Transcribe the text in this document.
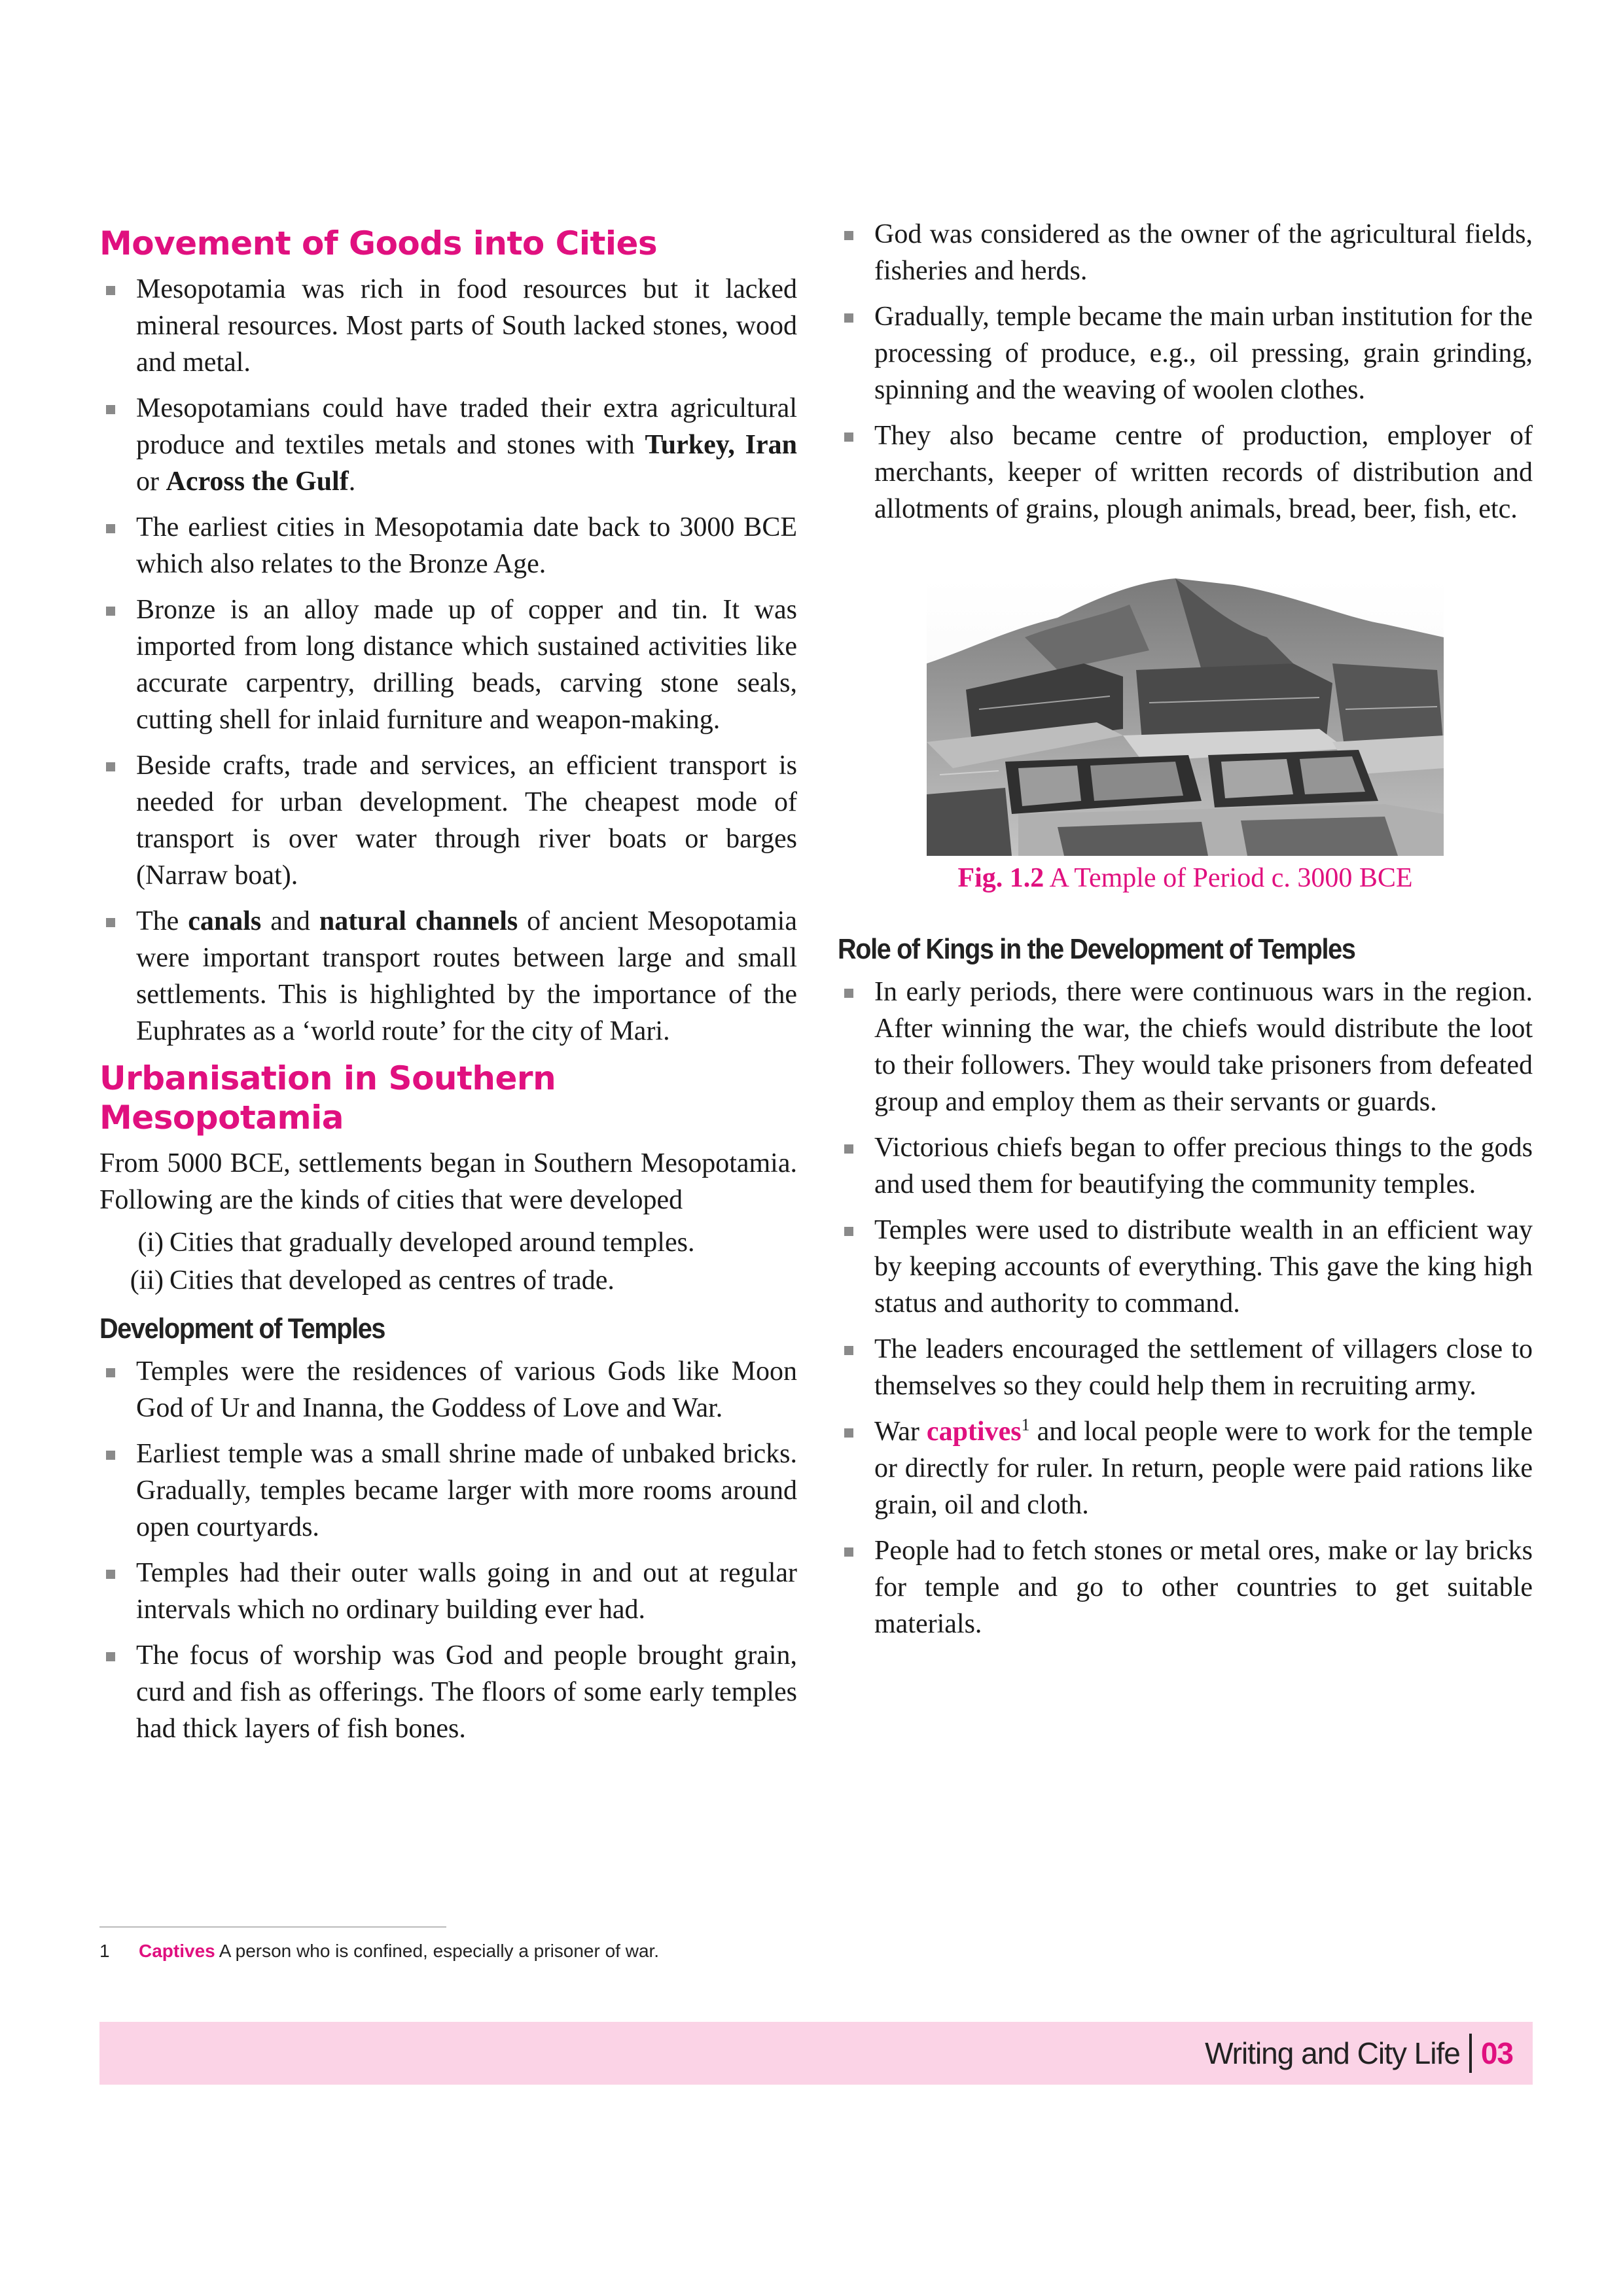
Movement of Goods into Cities
Mesopotamia was rich in food resources but it lacked mineral resources. Most parts of South lacked stones, wood and metal.
Mesopotamians could have traded their extra agricultural produce and textiles metals and stones with Turkey, Iran or Across the Gulf.
The earliest cities in Mesopotamia date back to 3000 BCE which also relates to the Bronze Age.
Bronze is an alloy made up of copper and tin. It was imported from long distance which sustained activities like accurate carpentry, drilling beads, carving stone seals, cutting shell for inlaid furniture and weapon-making.
Beside crafts, trade and services, an efficient transport is needed for urban development. The cheapest mode of transport is over water through river boats or barges (Narraw boat).
The canals and natural channels of ancient Mesopotamia were important transport routes between large and small settlements. This is highlighted by the importance of the Euphrates as a ‘world route’ for the city of Mari.
Urbanisation in Southern Mesopotamia

From 5000 BCE, settlements began in Southern Mesopotamia. Following are the kinds of cities that were developed

(i) Cities that gradually developed around temples.
(ii) Cities that developed as centres of trade.
Development of Temples
Temples were the residences of various Gods like Moon God of Ur and Inanna, the Goddess of Love and War.
Earliest temple was a small shrine made of unbaked bricks. Gradually, temples became larger with more rooms around open courtyards.
Temples had their outer walls going in and out at regular intervals which no ordinary building ever had.
The focus of worship was God and people brought grain, curd and fish as offerings. The floors of some early temples had thick layers of fish bones.
God was considered as the owner of the agricultural fields, fisheries and herds.
Gradually, temple became the main urban institution for the processing of produce, e.g., oil pressing, grain grinding, spinning and the weaving of woolen clothes.
They also became centre of production, employer of merchants, keeper of written records of distribution and allotments of grains, plough animals, bread, beer, fish, etc.
Fig. 1.2 A Temple of Period c. 3000 BCE
Role of Kings in the Development of Temples
In early periods, there were continuous wars in the region. After winning the war, the chiefs would distribute the loot to their followers. They would take prisoners from defeated group and employ them as their servants or guards.
Victorious chiefs began to offer precious things to the gods and used them for beautifying the community temples.
Temples were used to distribute wealth in an efficient way by keeping accounts of everything. This gave the king high status and authority to command.
The leaders encouraged the settlement of villagers close to themselves so they could help them in recruiting army.
War captives$^1$ and local people were to work for the temple or directly for ruler. In return, people were paid rations like grain, oil and cloth.
People had to fetch stones or metal ores, make or lay bricks for temple and go to other countries to get suitable materials.
1 Captives A person who is confined, especially a prisoner of war.
Writing and City Life 03
